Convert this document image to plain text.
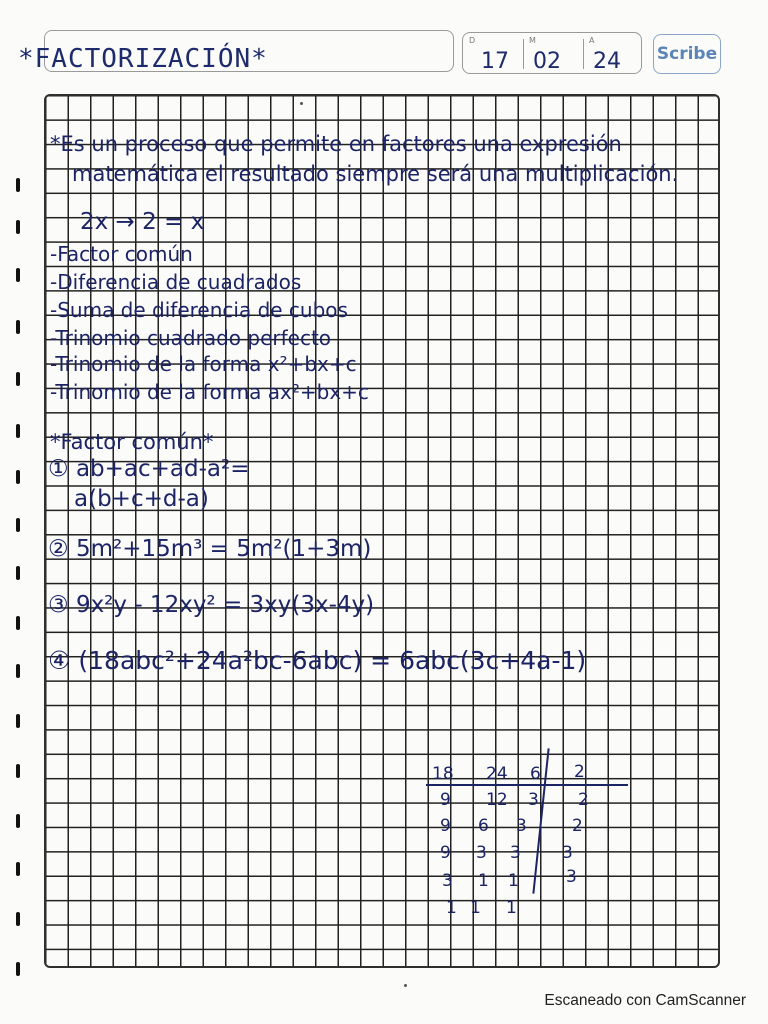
*FACTORIZACIÓN*
D	M	A
17 02 24 Scribe
*Es un proceso que permite en factores una expresión
matemática el resultado siempre será una multiplicación.
2x → 2 = x
-Factor común
-Diferencia de cuadrados
-Suma de diferencia de cubos
-Trinomio cuadrado perfecto
-Trinomio de la forma x²+bx+c
-Trinomio de la forma ax²+bx+c
*Factor común*
① ab+ac+ad-a²=
a(b+c+d-a)
② 5m²+15m³ = 5m²(1+3m)
③ 9x²y - 12xy² = 3xy(3x-4y)
④ (18abc²+24a²bc-6abc) = 6abc(3c+4a-1)
18 24 6 2
9 12 3 2
9 6 3	2
9 3 3 3
3 1 1	3
1 1 1
Escaneado con CamScanner
